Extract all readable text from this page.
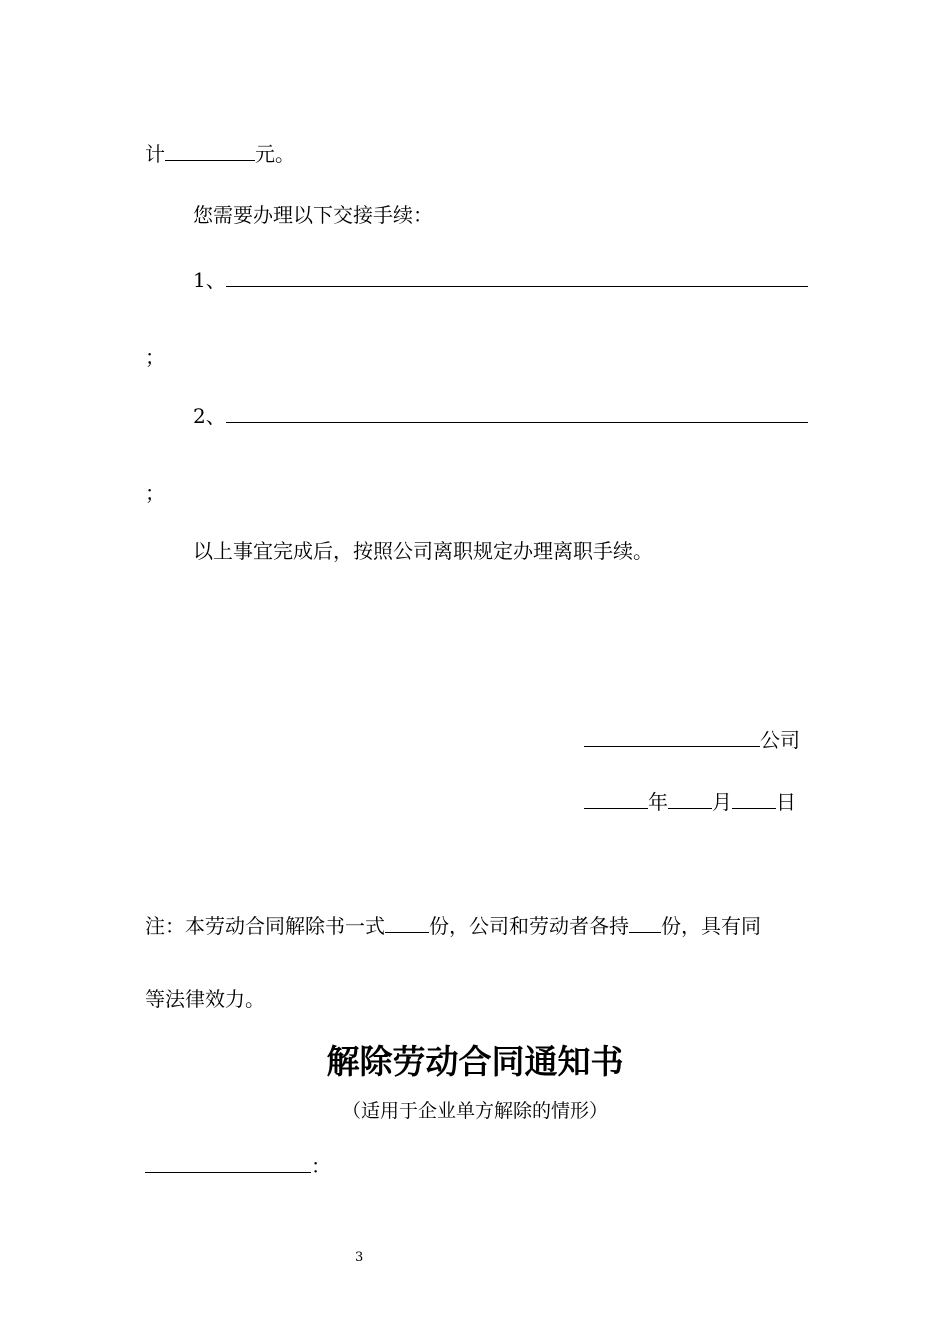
计	元。
您需要办理以下交接手续：
1、
；
2、
；
以上事宜完成后，按照公司离职规定办理离职手续。
公司
年 月 日
注：本劳动合同解除书一式 份，公司和劳动者各持 份，具有同
等法律效力。
解除劳动合同通知书
（适用于企业单方解除的情形）
：
3
